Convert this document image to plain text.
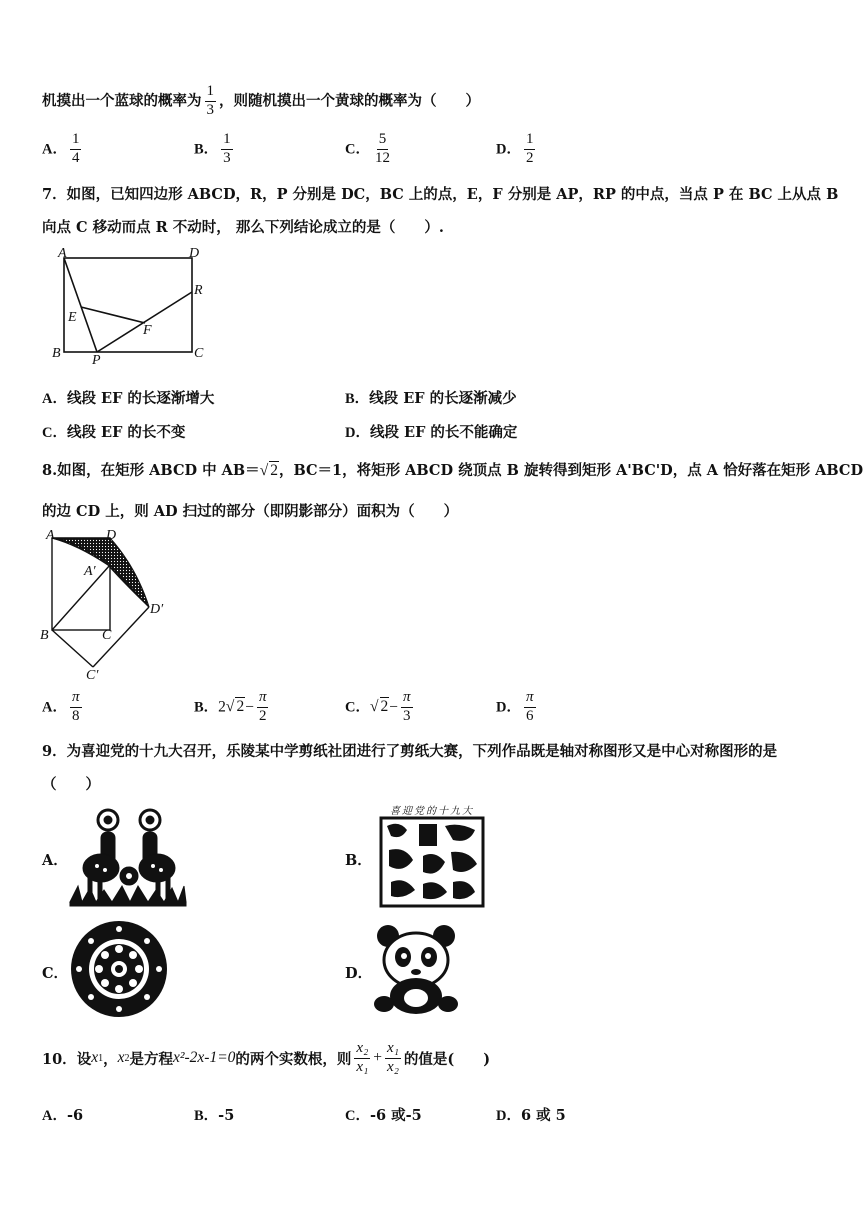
机摸出一个蓝球的概率为 $\frac{1}{3}$ ，则随机摸出一个黄球的概率为（　　）
A． $\frac{1}{4}$	B． $\frac{1}{3}$	C． $\frac{5}{12}$	D． $\frac{1}{2}$
7．如图，已知四边形 ABCD，R，P 分别是 DC，BC 上的点，E，F 分别是 AP，RP 的中点，当点 P 在 BC 上从点 B
向点 C 移动而点 R 不动时， 那么下列结论成立的是（　　）.
A	D
R
E
F
B P	C
A．线段 EF 的长逐渐增大	B．线段 EF 的长逐渐减少
C．线段 EF 的长不变	D．线段 EF 的长不能确定
8.如图，在矩形 ABCD 中 AB＝√ 2，BC＝1，将矩形 ABCD 绕顶点 B 旋转得到矩形 A'BC'D，点 A 恰好落在矩形 ABCD
的边 CD 上，则 AD 扫过的部分（即阴影部分）面积为（　　）
A	D
A′
D′
B	C
C′
A． $\frac{\pi}{8}$	B．2√ $2- \frac{\pi}{2}$	C．√ $2- \frac{\pi}{3}$	D． $\frac{\pi}{6}$
9．为喜迎党的十九大召开，乐陵某中学剪纸社团进行了剪纸大赛，下列作品既是轴对称图形又是中心对称图形的是
（　　）
A．	B．
喜迎党的十九大
C．	D．
10． 设 x 1 ， x 2 是方程 x²-2x-1=0 的两个实数根，则 $\frac{\text{x₂}}{\text{x₁}} + \frac{\text{x₁}}{\text{x₂}}$ 的值是(　　)
A．-6	B．-5	C．-6 或-5	D．6 或 5
